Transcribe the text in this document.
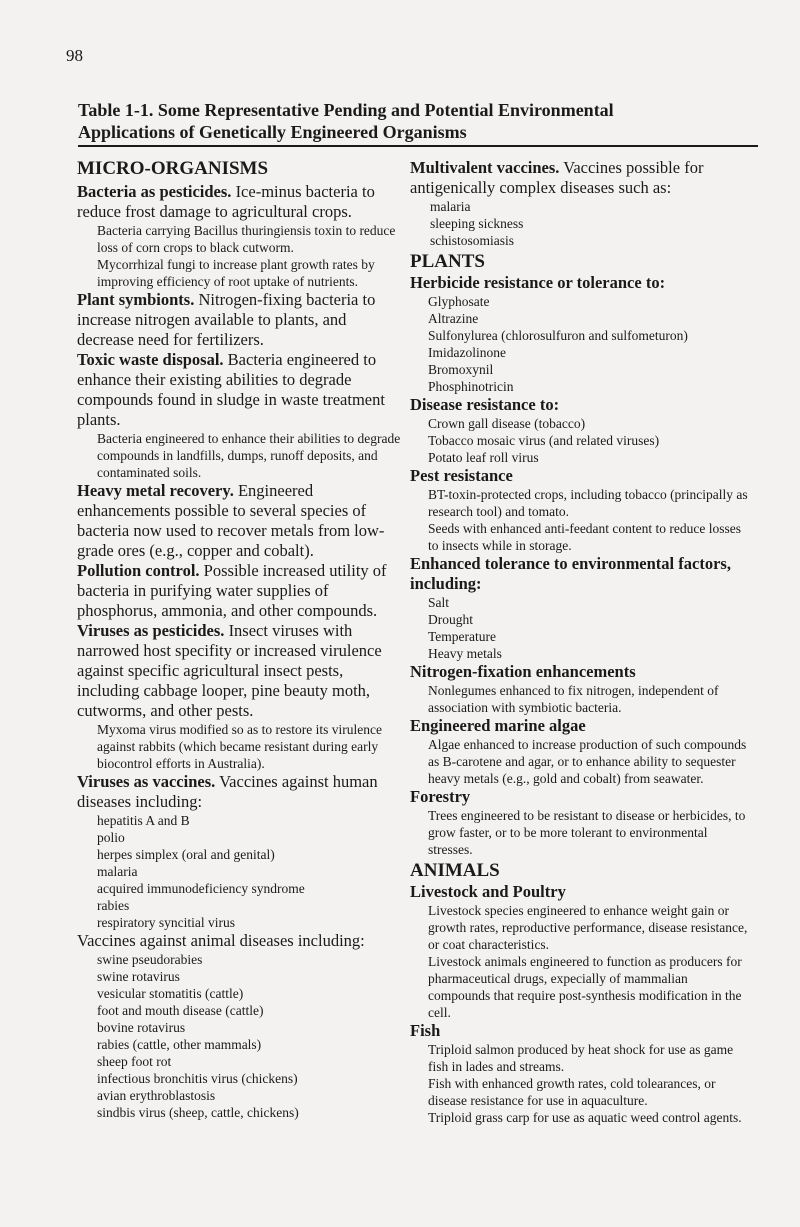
98
Table 1-1. Some Representative Pending and Potential Environmental
Applications of Genetically Engineered Organisms
MICRO-ORGANISMS

Bacteria as pesticides. Ice-minus bacteria to reduce frost damage to agricultural crops.

Bacteria carrying Bacillus thuringiensis toxin to reduce loss of corn crops to black cutworm.

Mycorrhizal fungi to increase plant growth rates by improving efficiency of root uptake of nutrients.

Plant symbionts. Nitrogen-fixing bacteria to increase nitrogen available to plants, and decrease need for fertilizers.

Toxic waste disposal. Bacteria engineered to enhance their existing abilities to degrade compounds found in sludge in waste treatment plants.

Bacteria engineered to enhance their abilities to degrade compounds in landfills, dumps, runoff deposits, and contaminated soils.

Heavy metal recovery. Engineered enhancements possible to several species of bacteria now used to recover metals from low-grade ores (e.g., copper and cobalt).

Pollution control. Possible increased utility of bacteria in purifying water supplies of phosphorus, ammonia, and other compounds.

Viruses as pesticides. Insect viruses with narrowed host specifity or increased virulence against specific agricultural insect pests, including cabbage looper, pine beauty moth, cutworms, and other pests.

Myxoma virus modified so as to restore its virulence against rabbits (which became resistant during early biocontrol efforts in Australia).

Viruses as vaccines. Vaccines against human diseases including:

hepatitis A and B

polio

herpes simplex (oral and genital)

malaria

acquired immunodeficiency syndrome

rabies

respiratory syncitial virus

Vaccines against animal diseases including:

swine pseudorabies

swine rotavirus

vesicular stomatitis (cattle)

foot and mouth disease (cattle)

bovine rotavirus

rabies (cattle, other mammals)

sheep foot rot

infectious bronchitis virus (chickens)

avian erythroblastosis

sindbis virus (sheep, cattle, chickens)

Multivalent vaccines. Vaccines possible for antigenically complex diseases such as:

malaria

sleeping sickness

schistosomiasis

PLANTS

Herbicide resistance or tolerance to:

Glyphosate

Altrazine

Sulfonylurea (chlorosulfuron and sulfometuron)

Imidazolinone

Bromoxynil

Phosphinotricin

Disease resistance to:

Crown gall disease (tobacco)

Tobacco mosaic virus (and related viruses)

Potato leaf roll virus

Pest resistance

BT-toxin-protected crops, including tobacco (principally as research tool) and tomato.

Seeds with enhanced anti-feedant content to reduce losses to insects while in storage.

Enhanced tolerance to environmental factors, including:

Salt

Drought

Temperature

Heavy metals

Nitrogen-fixation enhancements

Nonlegumes enhanced to fix nitrogen, independent of association with symbiotic bacteria.

Engineered marine algae

Algae enhanced to increase production of such compounds as B-carotene and agar, or to enhance ability to sequester heavy metals (e.g., gold and cobalt) from seawater.

Forestry

Trees engineered to be resistant to disease or herbicides, to grow faster, or to be more tolerant to environmental stresses.

ANIMALS

Livestock and Poultry

Livestock species engineered to enhance weight gain or growth rates, reproductive performance, disease resistance, or coat characteristics.

Livestock animals engineered to function as producers for pharmaceutical drugs, expecially of mammalian compounds that require post-synthesis modification in the cell.

Fish

Triploid salmon produced by heat shock for use as game fish in lades and streams.

Fish with enhanced growth rates, cold tolearances, or disease resistance for use in aquaculture.

Triploid grass carp for use as aquatic weed control agents.
